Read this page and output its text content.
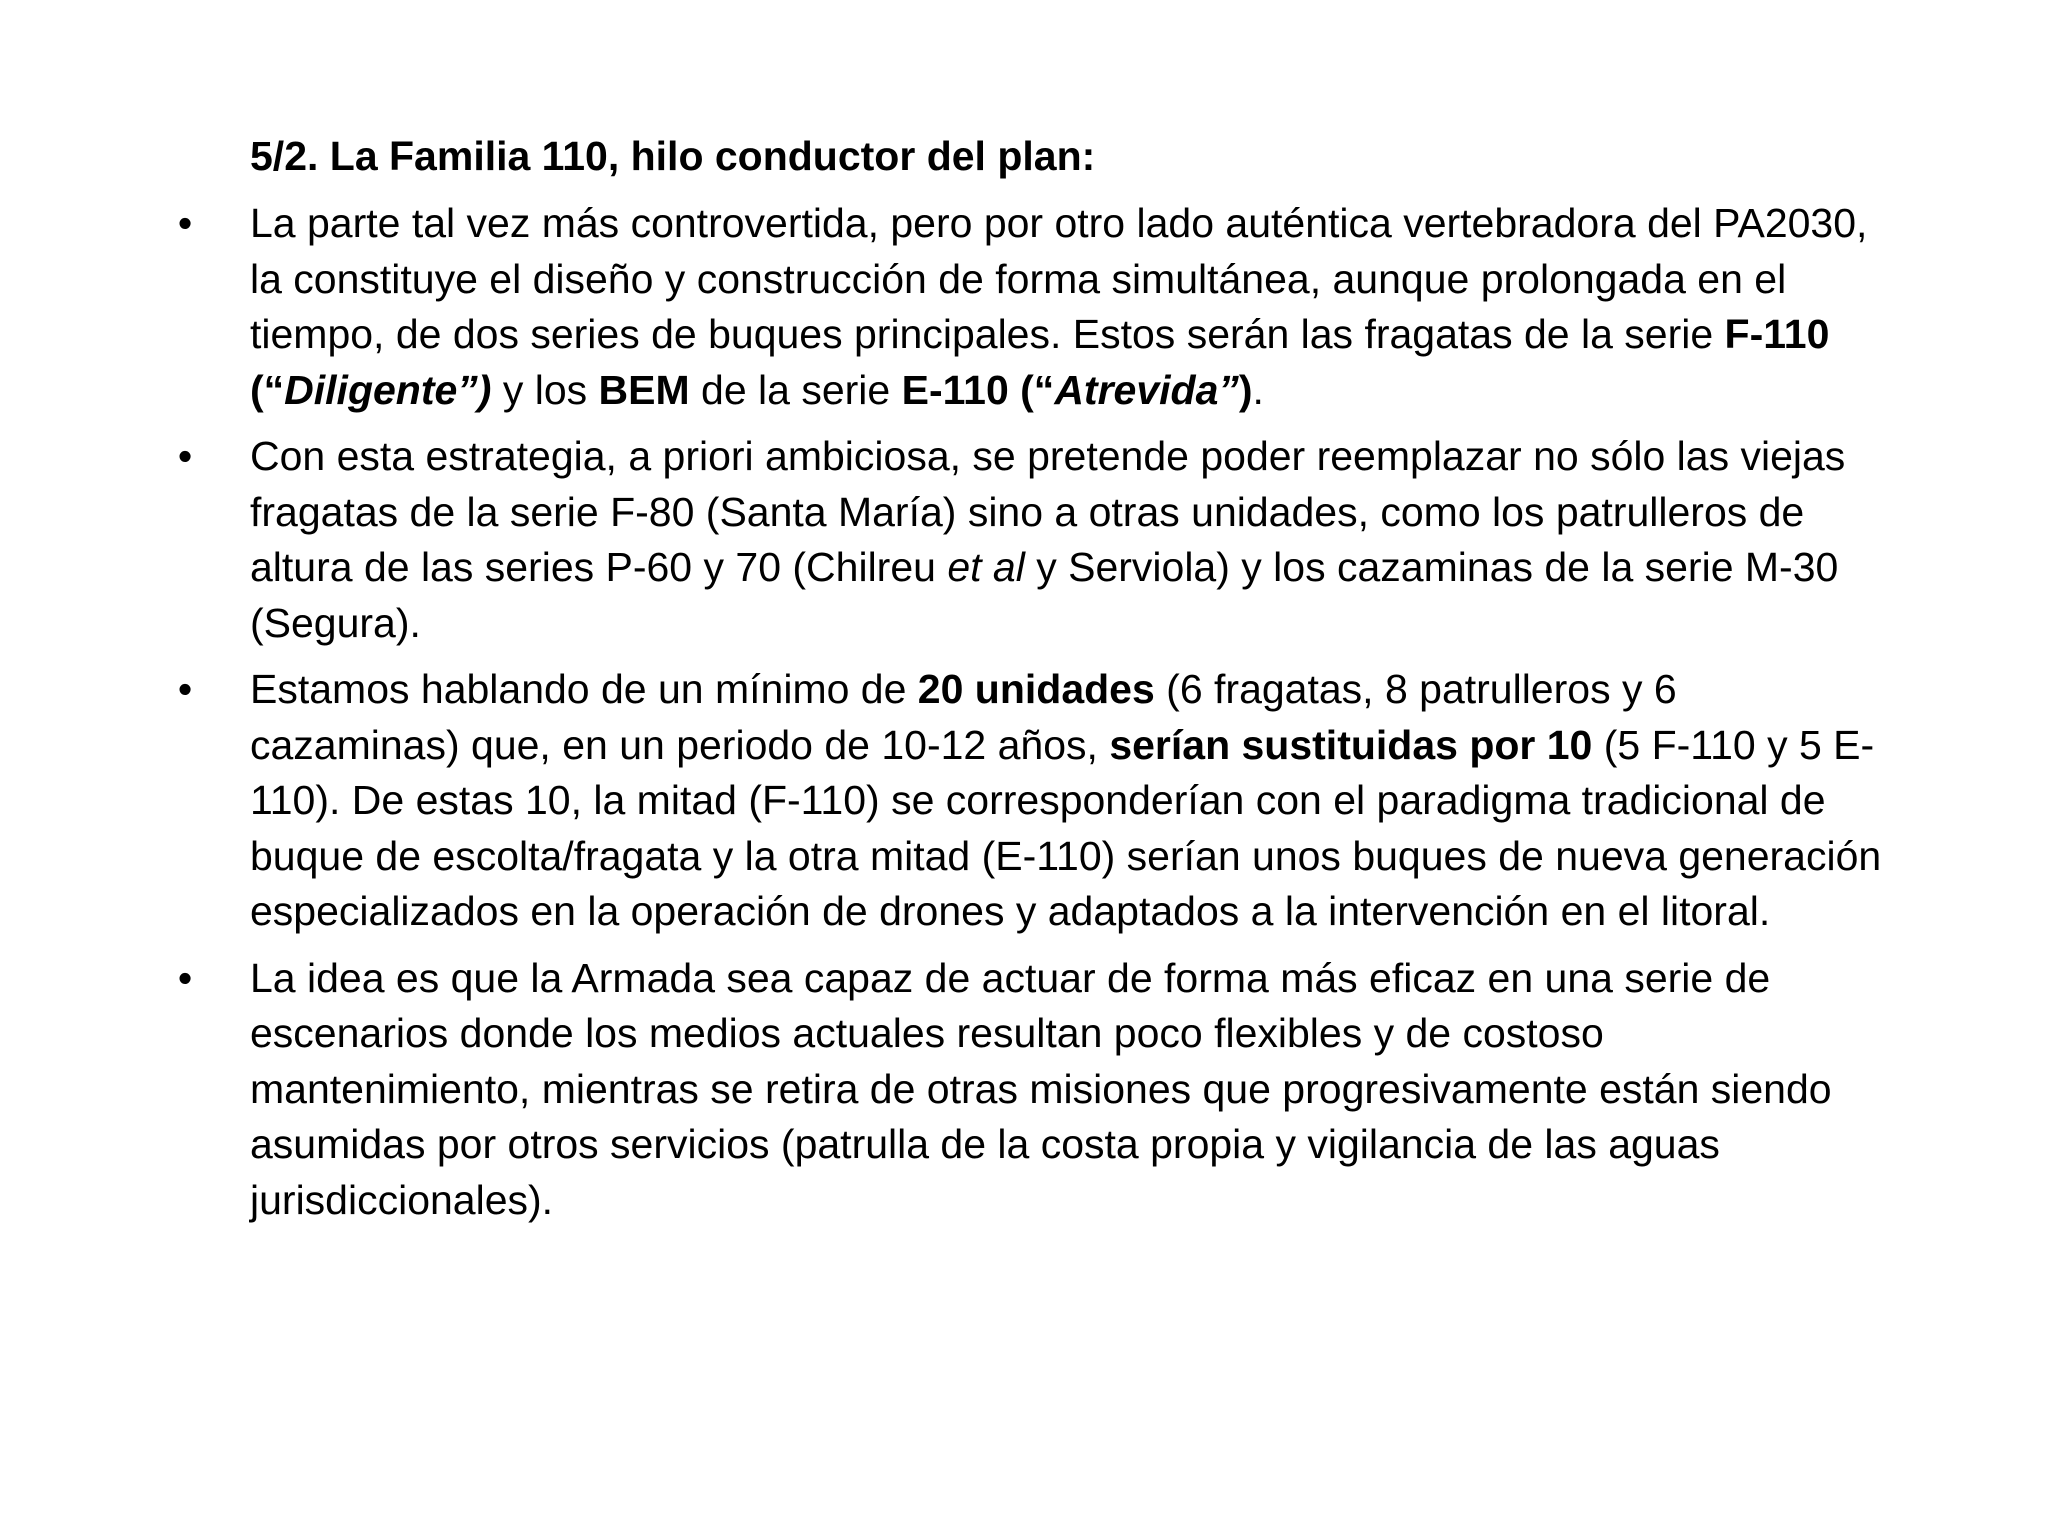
5/2. La Familia 110, hilo conductor del plan:
• La parte tal vez más controvertida, pero por otro lado auténtica vertebradora del PA2030, la constituye el diseño y construcción de forma simultánea, aunque prolongada en el tiempo, de dos series de buques principales. Estos serán las fragatas de la serie F-110 (“Diligente”) y los BEM de la serie E-110 (“Atrevida”).
• Con esta estrategia, a priori ambiciosa, se pretende poder reemplazar no sólo las viejas fragatas de la serie F-80 (Santa María) sino a otras unidades, como los patrulleros de altura de las series P-60 y 70 (Chilreu et al y Serviola) y los cazaminas de la serie M-30 (Segura).
• Estamos hablando de un mínimo de 20 unidades (6 fragatas, 8 patrulleros y 6 cazaminas) que, en un periodo de 10-12 años, serían sustituidas por 10 (5 F-110 y 5 E-110). De estas 10, la mitad (F-110) se corresponderían con el paradigma tradicional de buque de escolta/fragata y la otra mitad (E-110) serían unos buques de nueva generación especializados en la operación de drones y adaptados a la intervención en el litoral.
• La idea es que la Armada sea capaz de actuar de forma más eficaz en una serie de escenarios donde los medios actuales resultan poco flexibles y de costoso mantenimiento, mientras se retira de otras misiones que progresivamente están siendo asumidas por otros servicios (patrulla de la costa propia y vigilancia de las aguas jurisdiccionales).
